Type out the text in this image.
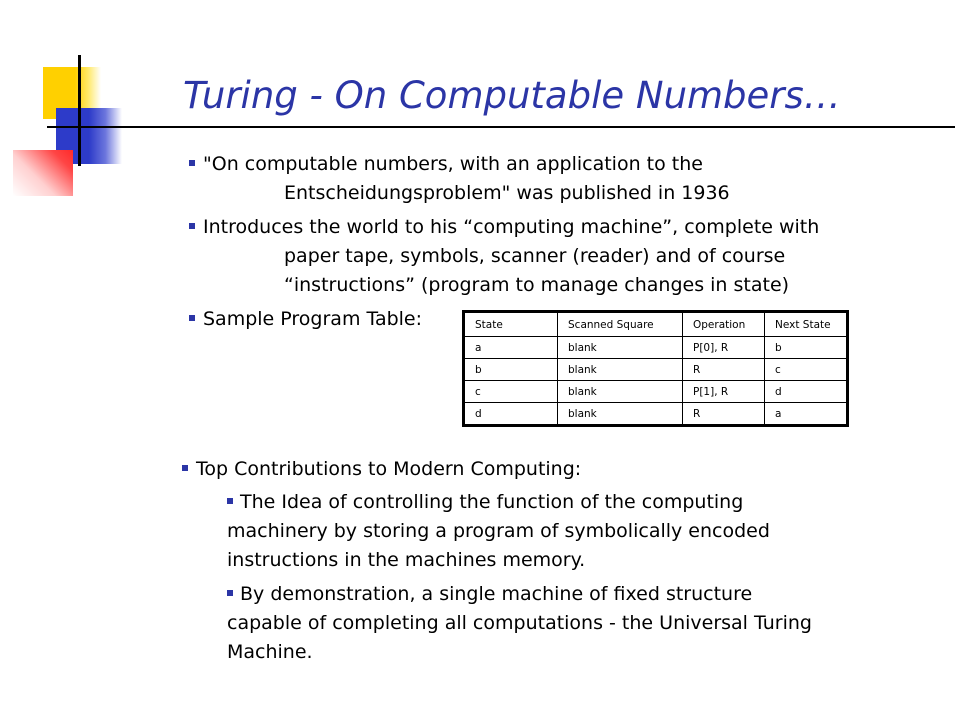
Turing - On Computable Numbers…
"On computable numbers, with an application to the
Entscheidungsproblem" was published in 1936
Introduces the world to his “computing machine”, complete with
paper tape, symbols, scanner (reader) and of course
“instructions” (program to manage changes in state)
Sample Program Table:	State	Scanned Square	Operation	Next State
a	blank	P[0], R	b
b	blank	R	c
c	blank	P[1], R	d
d	blank	R	a
Top Contributions to Modern Computing:
The Idea of controlling the function of the computing
machinery by storing a program of symbolically encoded
instructions in the machines memory.
By demonstration, a single machine of fixed structure
capable of completing all computations - the Universal Turing
Machine.
